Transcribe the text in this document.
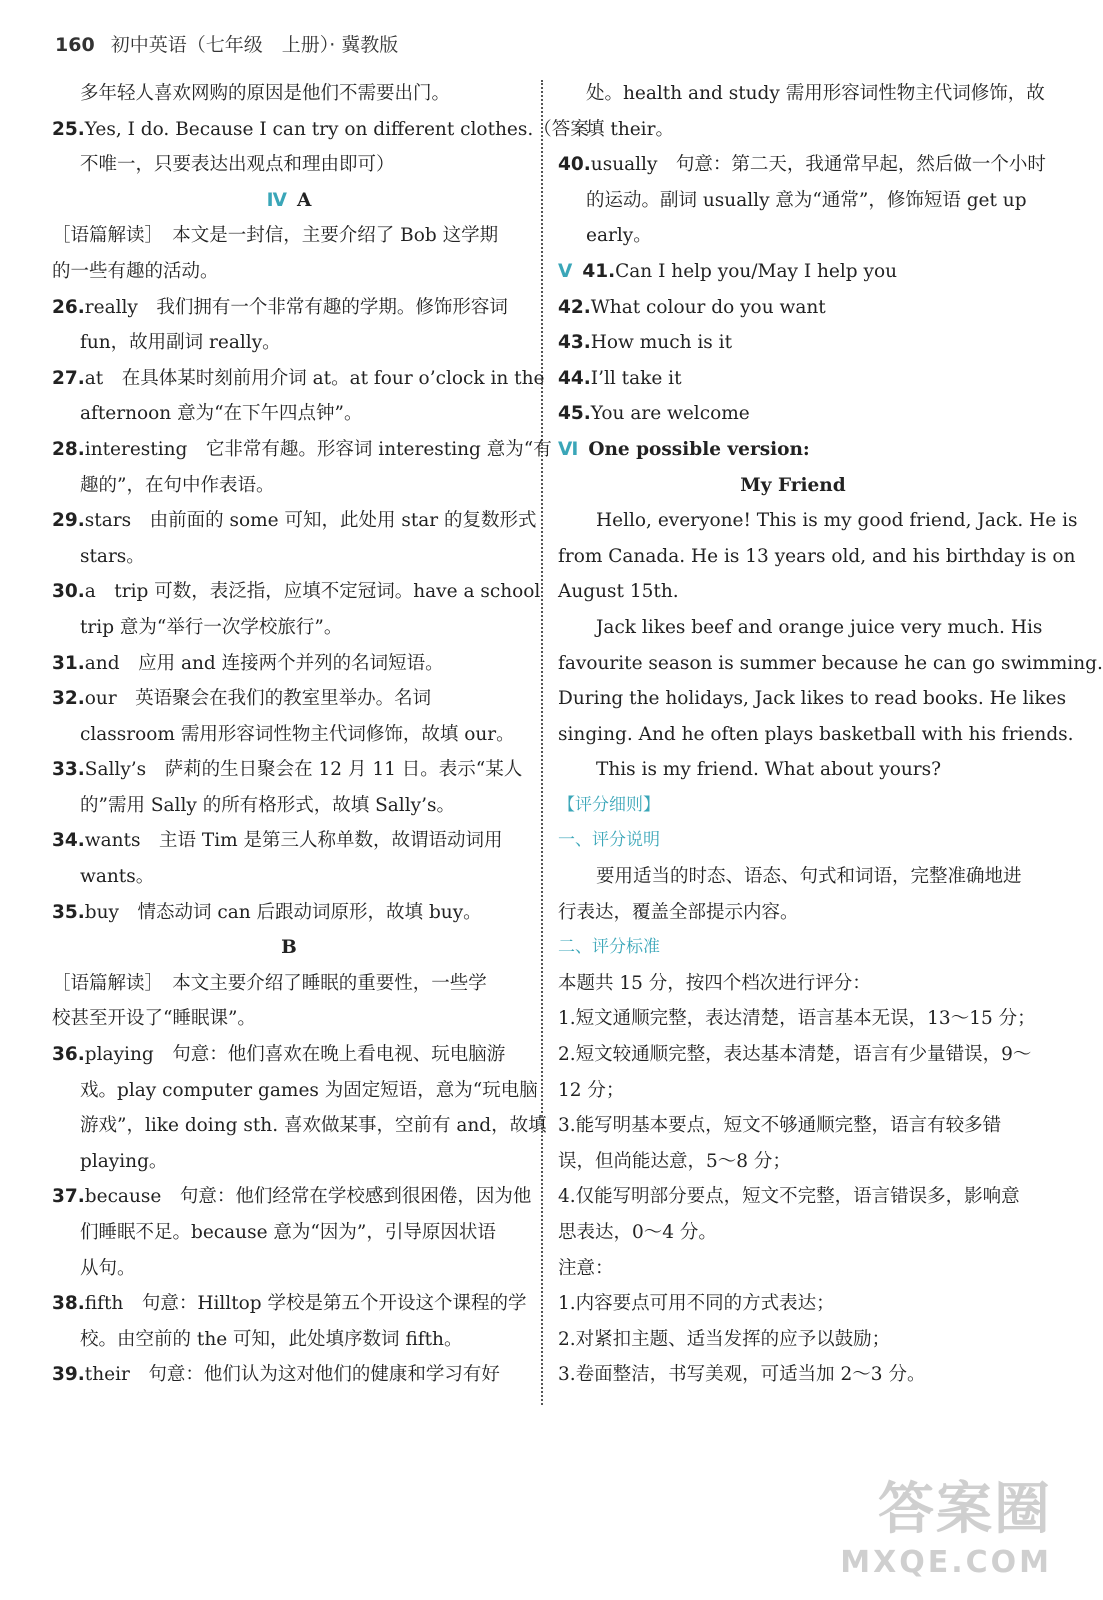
160 初中英语（七年级　上册）· 冀教版
多年轻人喜欢网购的原因是他们不需要出门。
25.Yes, I do. Because I can try on different clothes.（答案
不唯一，只要表达出观点和理由即可）
Ⅳ A
［语篇解读］　本文是一封信，主要介绍了 Bob 这学期
的一些有趣的活动。
26.really　我们拥有一个非常有趣的学期。修饰形容词
fun，故用副词 really。
27.at　在具体某时刻前用介词 at。at four o’clock in the
afternoon 意为“在下午四点钟”。
28.interesting　它非常有趣。形容词 interesting 意为“有
趣的”，在句中作表语。
29.stars　由前面的 some 可知，此处用 star 的复数形式
stars。
30.a　trip 可数，表泛指，应填不定冠词。have a school
trip 意为“举行一次学校旅行”。
31.and　应用 and 连接两个并列的名词短语。
32.our　英语聚会在我们的教室里举办。名词
classroom 需用形容词性物主代词修饰，故填 our。
33.Sally’s　萨莉的生日聚会在 12 月 11 日。表示“某人
的”需用 Sally 的所有格形式，故填 Sally’s。
34.wants　主语 Tim 是第三人称单数，故谓语动词用
wants。
35.buy　情态动词 can 后跟动词原形，故填 buy。
B
［语篇解读］　本文主要介绍了睡眠的重要性，一些学
校甚至开设了“睡眠课”。
36.playing　句意：他们喜欢在晚上看电视、玩电脑游
戏。play computer games 为固定短语，意为“玩电脑
游戏”，like doing sth. 喜欢做某事，空前有 and，故填
playing。
37.because　句意：他们经常在学校感到很困倦，因为他
们睡眠不足。because 意为“因为”，引导原因状语
从句。
38.fifth　句意：Hilltop 学校是第五个开设这个课程的学
校。由空前的 the 可知，此处填序数词 fifth。
39.their　句意：他们认为这对他们的健康和学习有好
处。health and study 需用形容词性物主代词修饰，故
填 their。
40.usually　句意：第二天，我通常早起，然后做一个小时
的运动。副词 usually 意为“通常”，修饰短语 get up
early。
Ⅴ 41.Can I help you/May I help you
42.What colour do you want
43.How much is it
44.I’ll take it
45.You are welcome
Ⅵ One possible version:
My Friend
Hello, everyone! This is my good friend, Jack. He is
from Canada. He is 13 years old, and his birthday is on
August 15th.
Jack likes beef and orange juice very much. His
favourite season is summer because he can go swimming.
During the holidays, Jack likes to read books. He likes
singing. And he often plays basketball with his friends.
This is my friend. What about yours?
【评分细则】
一、评分说明
要用适当的时态、语态、句式和词语，完整准确地进
行表达，覆盖全部提示内容。
二、评分标准
本题共 15 分，按四个档次进行评分：
1.短文通顺完整，表达清楚，语言基本无误，13～15 分；
2.短文较通顺完整，表达基本清楚，语言有少量错误，9～
12 分；
3.能写明基本要点，短文不够通顺完整，语言有较多错
误，但尚能达意，5～8 分；
4.仅能写明部分要点，短文不完整，语言错误多，影响意
思表达，0～4 分。
注意：
1.内容要点可用不同的方式表达；
2.对紧扣主题、适当发挥的应予以鼓励；
3.卷面整洁，书写美观，可适当加 2～3 分。
答案圈
MXQE.COM
